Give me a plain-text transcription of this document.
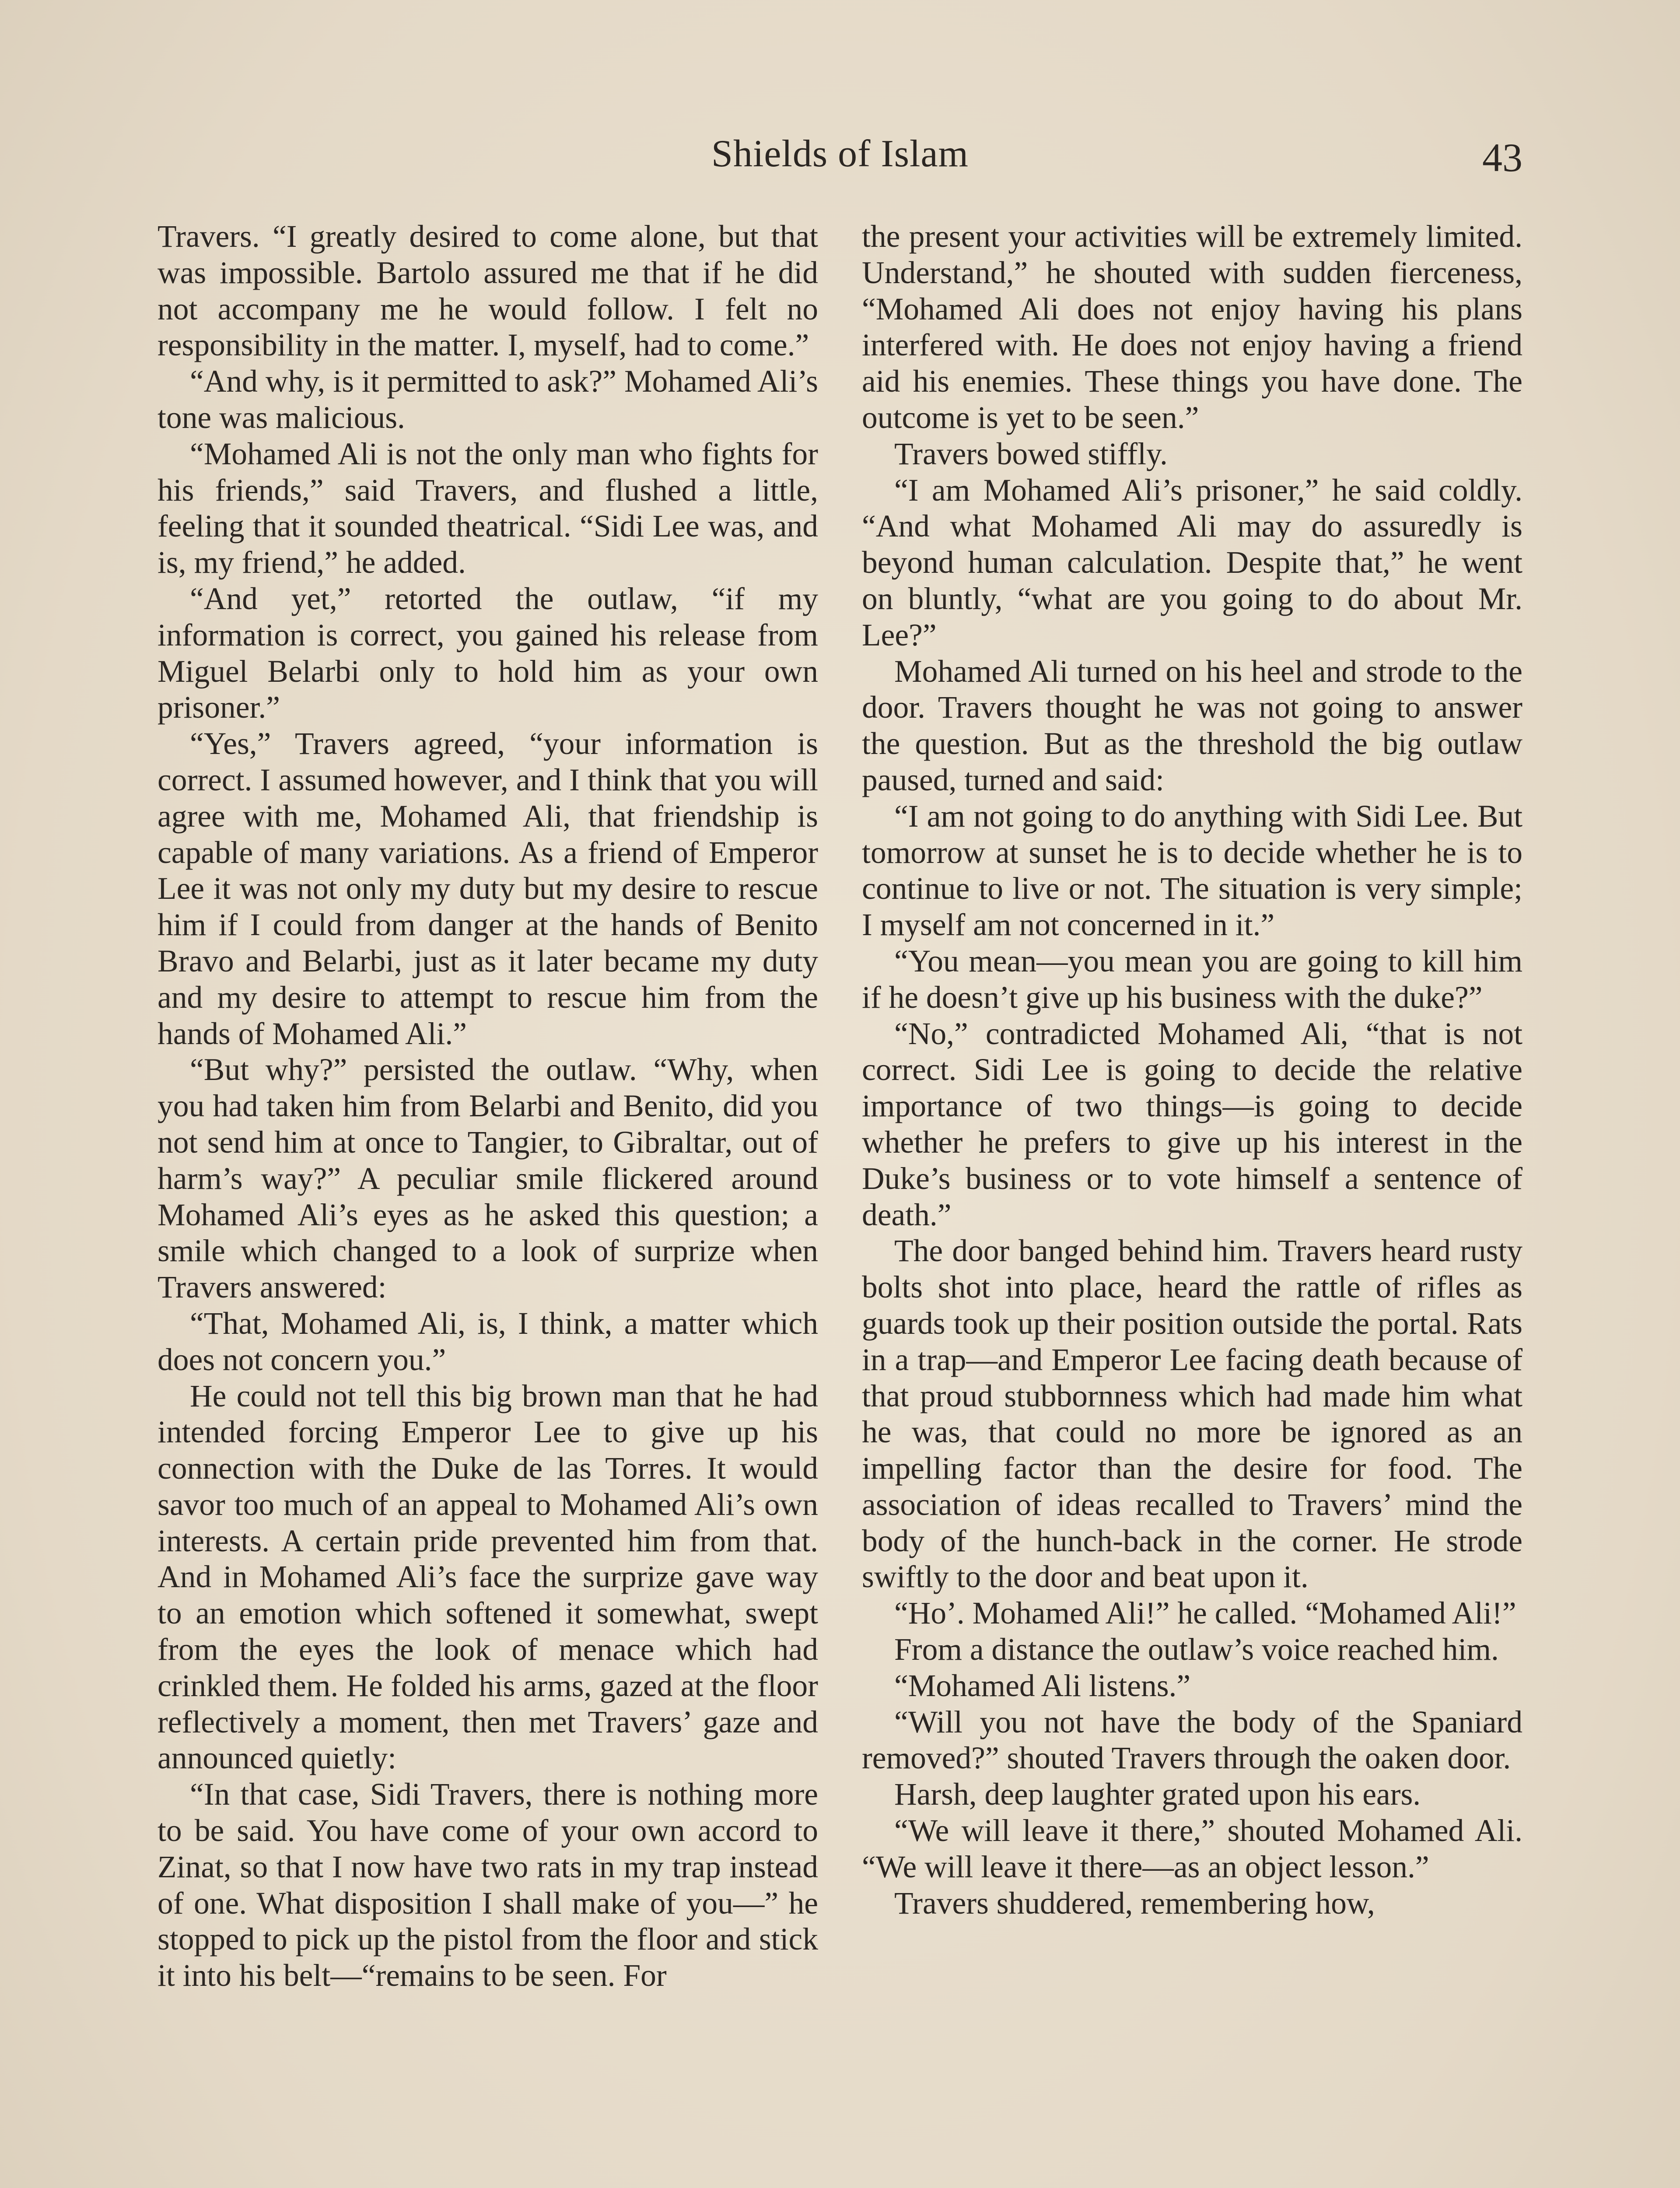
Shields of Islam	43

Travers. “I greatly desired to come alone, but that was impossible. Bartolo assured me that if he did not accompany me he would follow. I felt no responsibility in the matter. I, myself, had to come.”

“And why, is it permitted to ask?” Mohamed Ali’s tone was malicious.

“Mohamed Ali is not the only man who fights for his friends,” said Travers, and flushed a little, feeling that it sounded theatrical. “Sidi Lee was, and is, my friend,” he added.

“And yet,” retorted the outlaw, “if my information is correct, you gained his release from Miguel Belarbi only to hold him as your own prisoner.”

“Yes,” Travers agreed, “your information is correct. I assumed however, and I think that you will agree with me, Mohamed Ali, that friendship is capable of many variations. As a friend of Emperor Lee it was not only my duty but my desire to rescue him if I could from danger at the hands of Benito Bravo and Belarbi, just as it later became my duty and my desire to attempt to rescue him from the hands of Mohamed Ali.”

“But why?” persisted the outlaw. “Why, when you had taken him from Belarbi and Benito, did you not send him at once to Tangier, to Gibraltar, out of harm’s way?” A peculiar smile flickered around Mohamed Ali’s eyes as he asked this question; a smile which changed to a look of surprize when Travers answered:

“That, Mohamed Ali, is, I think, a matter which does not concern you.”

He could not tell this big brown man that he had intended forcing Emperor Lee to give up his connection with the Duke de las Torres. It would savor too much of an appeal to Mohamed Ali’s own interests. A certain pride prevented him from that. And in Mohamed Ali’s face the surprize gave way to an emotion which softened it somewhat, swept from the eyes the look of menace which had crinkled them. He folded his arms, gazed at the floor reflectively a moment, then met Travers’ gaze and announced quietly:

“In that case, Sidi Travers, there is nothing more to be said. You have come of your own accord to Zinat, so that I now have two rats in my trap instead of one. What disposition I shall make of you—” he stopped to pick up the pistol from the floor and stick it into his belt—“remains to be seen. For

the present your activities will be extremely limited. Understand,” he shouted with sudden fierceness, “Mohamed Ali does not enjoy having his plans interfered with. He does not enjoy having a friend aid his enemies. These things you have done. The outcome is yet to be seen.”

Travers bowed stiffly.

“I am Mohamed Ali’s prisoner,” he said coldly. “And what Mohamed Ali may do assuredly is beyond human calculation. Despite that,” he went on bluntly, “what are you going to do about Mr. Lee?”

Mohamed Ali turned on his heel and strode to the door. Travers thought he was not going to answer the question. But as the threshold the big outlaw paused, turned and said:

“I am not going to do anything with Sidi Lee. But tomorrow at sunset he is to decide whether he is to continue to live or not. The situation is very simple; I myself am not concerned in it.”

“You mean—you mean you are going to kill him if he doesn’t give up his business with the duke?”

“No,” contradicted Mohamed Ali, “that is not correct. Sidi Lee is going to decide the relative importance of two things—is going to decide whether he prefers to give up his interest in the Duke’s business or to vote himself a sentence of death.”

The door banged behind him. Travers heard rusty bolts shot into place, heard the rattle of rifles as guards took up their position outside the portal. Rats in a trap—and Emperor Lee facing death because of that proud stubbornness which had made him what he was, that could no more be ignored as an impelling factor than the desire for food. The association of ideas recalled to Travers’ mind the body of the hunch-back in the corner. He strode swiftly to the door and beat upon it.

“Ho’. Mohamed Ali!” he called. “Mohamed Ali!”

From a distance the outlaw’s voice reached him.

“Mohamed Ali listens.”

“Will you not have the body of the Spaniard removed?” shouted Travers through the oaken door.

Harsh, deep laughter grated upon his ears.

“We will leave it there,” shouted Mohamed Ali. “We will leave it there—as an object lesson.”

Travers shuddered, remembering how,
